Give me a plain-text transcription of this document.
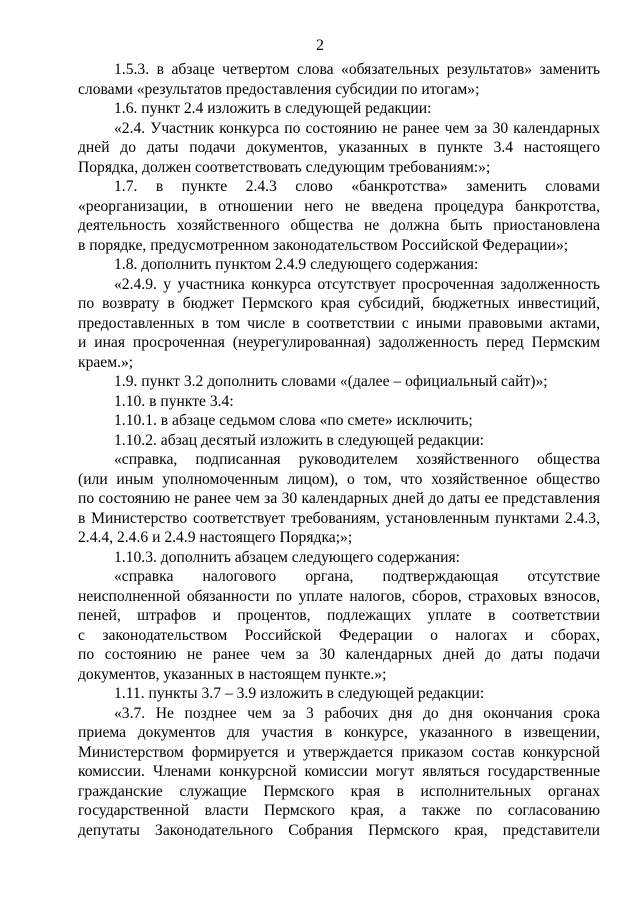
2
1.5.3. в абзаце четвертом слова «обязательных результатов» заменить
словами «результатов предоставления субсидии по итогам»;
1.6. пункт 2.4 изложить в следующей редакции:
«2.4. Участник конкурса по состоянию не ранее чем за 30 календарных
дней до даты подачи документов, указанных в пункте 3.4 настоящего
Порядка, должен соответствовать следующим требованиям:»;
1.7. в пункте 2.4.3 слово «банкротства» заменить словами
«реорганизации, в отношении него не введена процедура банкротства,
деятельность хозяйственного общества не должна быть приостановлена
в порядке, предусмотренном законодательством Российской Федерации»;
1.8. дополнить пунктом 2.4.9 следующего содержания:
«2.4.9. у участника конкурса отсутствует просроченная задолженность
по возврату в бюджет Пермского края субсидий, бюджетных инвестиций,
предоставленных в том числе в соответствии с иными правовыми актами,
и иная просроченная (неурегулированная) задолженность перед Пермским
краем.»;
1.9. пункт 3.2 дополнить словами «(далее – официальный сайт)»;
1.10. в пункте 3.4:
1.10.1. в абзаце седьмом слова «по смете» исключить;
1.10.2. абзац десятый изложить в следующей редакции:
«справка, подписанная руководителем хозяйственного общества
(или иным уполномоченным лицом), о том, что хозяйственное общество
по состоянию не ранее чем за 30 календарных дней до даты ее представления
в Министерство соответствует требованиям, установленным пунктами 2.4.3,
2.4.4, 2.4.6 и 2.4.9 настоящего Порядка;»;
1.10.3. дополнить абзацем следующего содержания:
«справка налогового органа, подтверждающая отсутствие
неисполненной обязанности по уплате налогов, сборов, страховых взносов,
пеней, штрафов и процентов, подлежащих уплате в соответствии
с законодательством Российской Федерации о налогах и сборах,
по состоянию не ранее чем за 30 календарных дней до даты подачи
документов, указанных в настоящем пункте.»;
1.11. пункты 3.7 – 3.9 изложить в следующей редакции:
«3.7. Не позднее чем за 3 рабочих дня до дня окончания срока
приема документов для участия в конкурсе, указанного в извещении,
Министерством формируется и утверждается приказом состав конкурсной
комиссии. Членами конкурсной комиссии могут являться государственные
гражданские служащие Пермского края в исполнительных органах
государственной власти Пермского края, а также по согласованию
депутаты Законодательного Собрания Пермского края, представители
